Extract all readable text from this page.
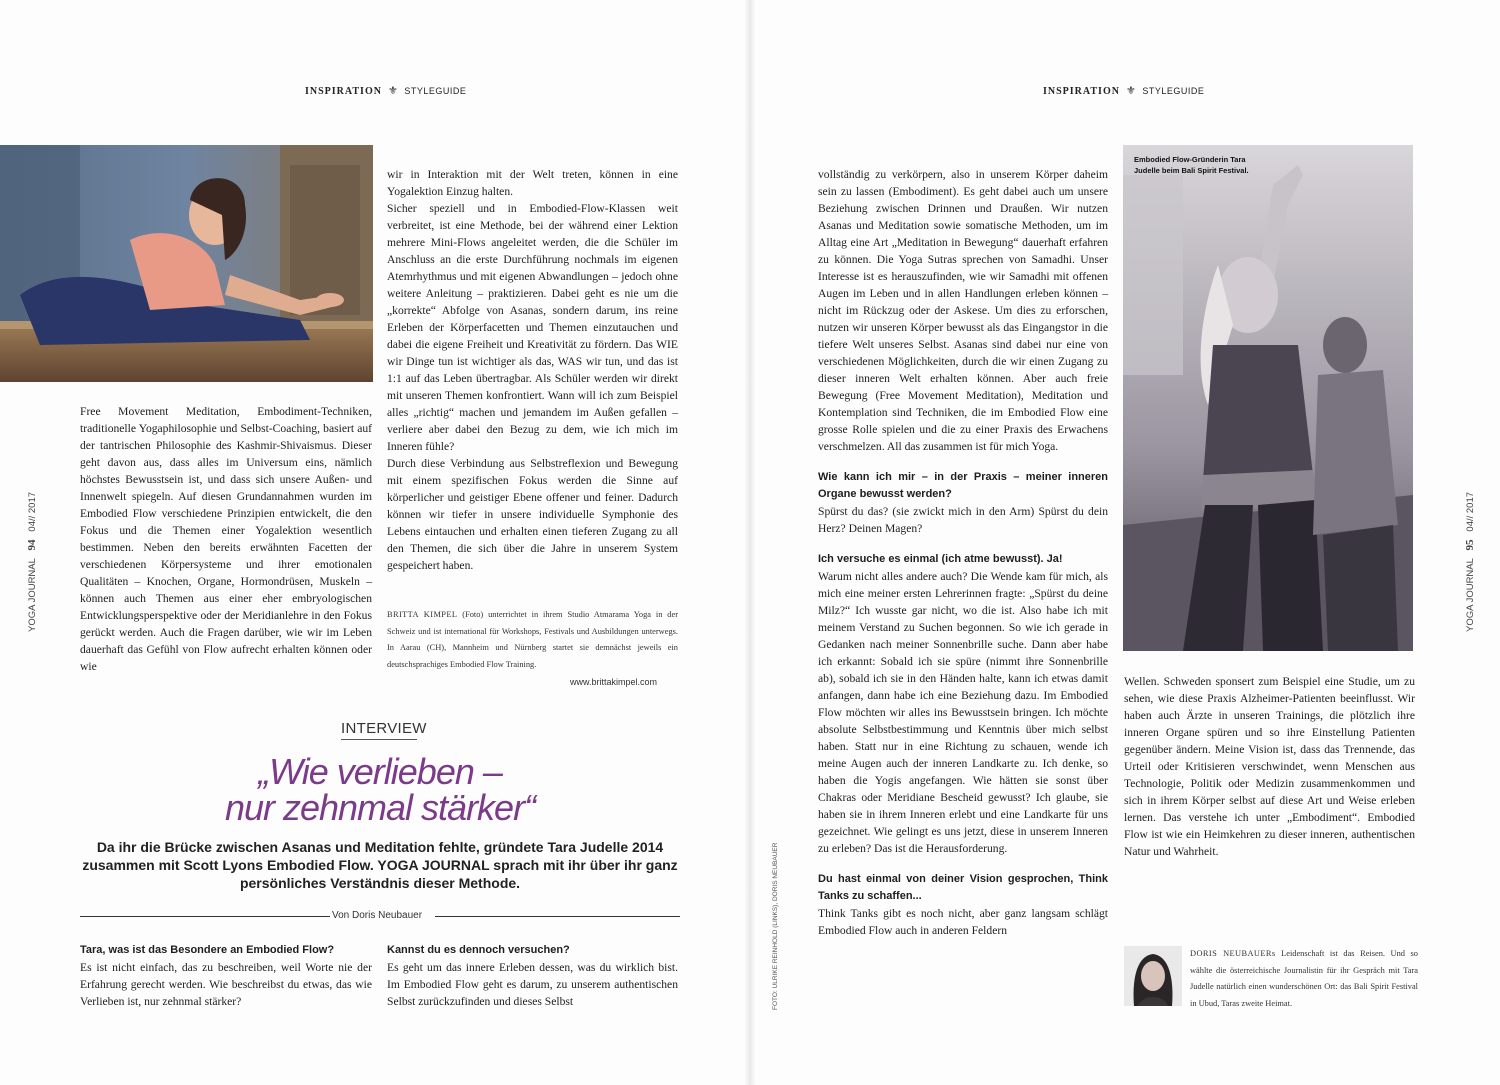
INSPIRATION ⚜ STYLEGUIDE	INSPIRATION ⚜ STYLEGUIDE
YOGA JOURNAL   94   04// 2017
YOGA JOURNAL   95   04// 2017

Free Movement Meditation, Embodiment-Techniken, traditionelle Yogaphilosophie und Selbst-Coaching, basiert auf der tantrischen Philosophie des Kashmir-Shivaismus. Dieser geht davon aus, dass alles im Universum eins, nämlich höchstes Bewusstsein ist, und dass sich unsere Außen- und Innenwelt spiegeln. Auf diesen Grundannahmen wurden im Embodied Flow verschiedene Prinzipien entwickelt, die den Fokus und die Themen einer Yogalektion wesentlich bestimmen. Neben den bereits erwähnten Facetten der verschiedenen Körpersysteme und ihrer emotionalen Qualitäten – Knochen, Organe, Hormondrüsen, Muskeln – können auch Themen aus einer eher embryologischen Entwicklungsperspektive oder der Meridianlehre in den Fokus gerückt werden. Auch die Fragen darüber, wie wir im Leben dauerhaft das Gefühl von Flow aufrecht erhalten können oder wie

wir in Interaktion mit der Welt treten, können in eine Yogalektion Einzug halten.

Sicher speziell und in Embodied-Flow-Klassen weit verbreitet, ist eine Methode, bei der während einer Lektion mehrere Mini-Flows angeleitet werden, die die Schüler im Anschluss an die erste Durchführung nochmals im eigenen Atemrhythmus und mit eigenen Abwandlungen – jedoch ohne weitere Anleitung – praktizieren. Dabei geht es nie um die „korrekte“ Abfolge von Asanas, sondern darum, ins reine Erleben der Körperfacetten und Themen einzutauchen und dabei die eigene Freiheit und Kreativität zu fördern. Das WIE wir Dinge tun ist wichtiger als das, WAS wir tun, und das ist 1:1 auf das Leben übertragbar. Als Schüler werden wir direkt mit unseren Themen konfrontiert. Wann will ich zum Beispiel alles „richtig“ machen und jemandem im Außen gefallen – verliere aber dabei den Bezug zu dem, wie ich mich im Inneren fühle?

Durch diese Verbindung aus Selbstreflexion und Bewegung mit einem spezifischen Fokus werden die Sinne auf körperlicher und geistiger Ebene offener und feiner. Dadurch können wir tiefer in unsere individuelle Symphonie des Lebens eintauchen und erhalten einen tieferen Zugang zu all den Themen, die sich über die Jahre in unserem System gespeichert haben.

BRITTA KIMPEL (Foto) unterrichtet in ihrem Studio Atmarama Yoga in der Schweiz und ist international für Workshops, Festivals und Ausbildungen unterwegs. In Aarau (CH), Mannheim und Nürnberg startet sie demnächst jeweils ein deutschsprachiges Embodied Flow Training.
www.brittakimpel.com
INTERVIEW
„Wie verlieben –
nur zehnmal stärker“
Da ihr die Brücke zwischen Asanas und Meditation fehlte, gründete Tara Judelle 2014 zusammen mit Scott Lyons Embodied Flow. YOGA JOURNAL sprach mit ihr über ihr ganz persönliches Verständnis dieser Methode.
Von Doris Neubauer

Tara, was ist das Besondere an Embodied Flow?

Es ist nicht einfach, das zu beschreiben, weil Worte nie der Erfahrung gerecht werden. Wie beschreibst du etwas, das wie Verlieben ist, nur zehnmal stärker?

Kannst du es dennoch versuchen?

Es geht um das innere Erleben dessen, was du wirklich bist. Im Embodied Flow geht es darum, zu unserem authentischen Selbst zurückzufinden und dieses Selbst	FOTO: ULRIKE REINHOLD (LINKS), DORIS NEUBAUER

vollständig zu verkörpern, also in unserem Körper daheim sein zu lassen (Embodiment). Es geht dabei auch um unsere Beziehung zwischen Drinnen und Draußen. Wir nutzen Asanas und Meditation sowie somatische Methoden, um im Alltag eine Art „Meditation in Bewegung“ dauerhaft erfahren zu können. Die Yoga Sutras sprechen von Samadhi. Unser Interesse ist es herauszufinden, wie wir Samadhi mit offenen Augen im Leben und in allen Handlungen erleben können – nicht im Rückzug oder der Askese. Um dies zu erforschen, nutzen wir unseren Körper bewusst als das Eingangstor in die tiefere Welt unseres Selbst. Asanas sind dabei nur eine von verschiedenen Möglichkeiten, durch die wir einen Zugang zu dieser inneren Welt erhalten können. Aber auch freie Bewegung (Free Movement Meditation), Meditation und Kontemplation sind Techniken, die im Embodied Flow eine grosse Rolle spielen und die zu einer Praxis des Erwachens verschmelzen. All das zusammen ist für mich Yoga.

Wie kann ich mir – in der Praxis – meiner inneren Organe bewusst werden?

Spürst du das? (sie zwickt mich in den Arm) Spürst du dein Herz? Deinen Magen?

Ich versuche es einmal (ich atme bewusst). Ja!

Warum nicht alles andere auch? Die Wende kam für mich, als mich eine meiner ersten Lehrerinnen fragte: „Spürst du deine Milz?“ Ich wusste gar nicht, wo die ist. Also habe ich mit meinem Verstand zu Suchen begonnen. So wie ich gerade in Gedanken nach meiner Sonnenbrille suche. Dann aber habe ich erkannt: Sobald ich sie spüre (nimmt ihre Sonnenbrille ab), sobald ich sie in den Händen halte, kann ich etwas damit anfangen, dann habe ich eine Beziehung dazu. Im Embodied Flow möchten wir alles ins Bewusstsein bringen. Ich möchte absolute Selbstbestimmung und Kenntnis über mich selbst haben. Statt nur in eine Richtung zu schauen, wende ich meine Augen auch der inneren Landkarte zu. Ich denke, so haben die Yogis angefangen. Wie hätten sie sonst über Chakras oder Meridiane Bescheid gewusst? Ich glaube, sie haben sie in ihrem Inneren erlebt und eine Landkarte für uns gezeichnet. Wie gelingt es uns jetzt, diese in unserem Inneren zu erleben? Das ist die Herausforderung.

Du hast einmal von deiner Vision gesprochen, Think Tanks zu schaffen...

Think Tanks gibt es noch nicht, aber ganz langsam schlägt Embodied Flow auch in anderen Feldern

Embodied Flow-Gründerin Tara
Judelle beim Bali Spirit Festival.

Wellen. Schweden sponsert zum Beispiel eine Studie, um zu sehen, wie diese Praxis Alzheimer-Patienten beeinflusst. Wir haben auch Ärzte in unseren Trainings, die plötzlich ihre inneren Organe spüren und so ihre Einstellung Patienten gegenüber ändern. Meine Vision ist, dass das Trennende, das Urteil oder Kritisieren verschwindet, wenn Menschen aus Technologie, Politik oder Medizin zusammenkommen und sich in ihrem Körper selbst auf diese Art und Weise erleben lernen. Das verstehe ich unter „Embodiment“. Embodied Flow ist wie ein Heimkehren zu dieser inneren, authentischen Natur und Wahrheit.

DORIS NEUBAUERs Leidenschaft ist das Reisen. Und so wählte die österreichische Journalistin für ihr Gespräch mit Tara Judelle natürlich einen wunderschönen Ort: das Bali Spirit Festival in Ubud, Taras zweite Heimat.
